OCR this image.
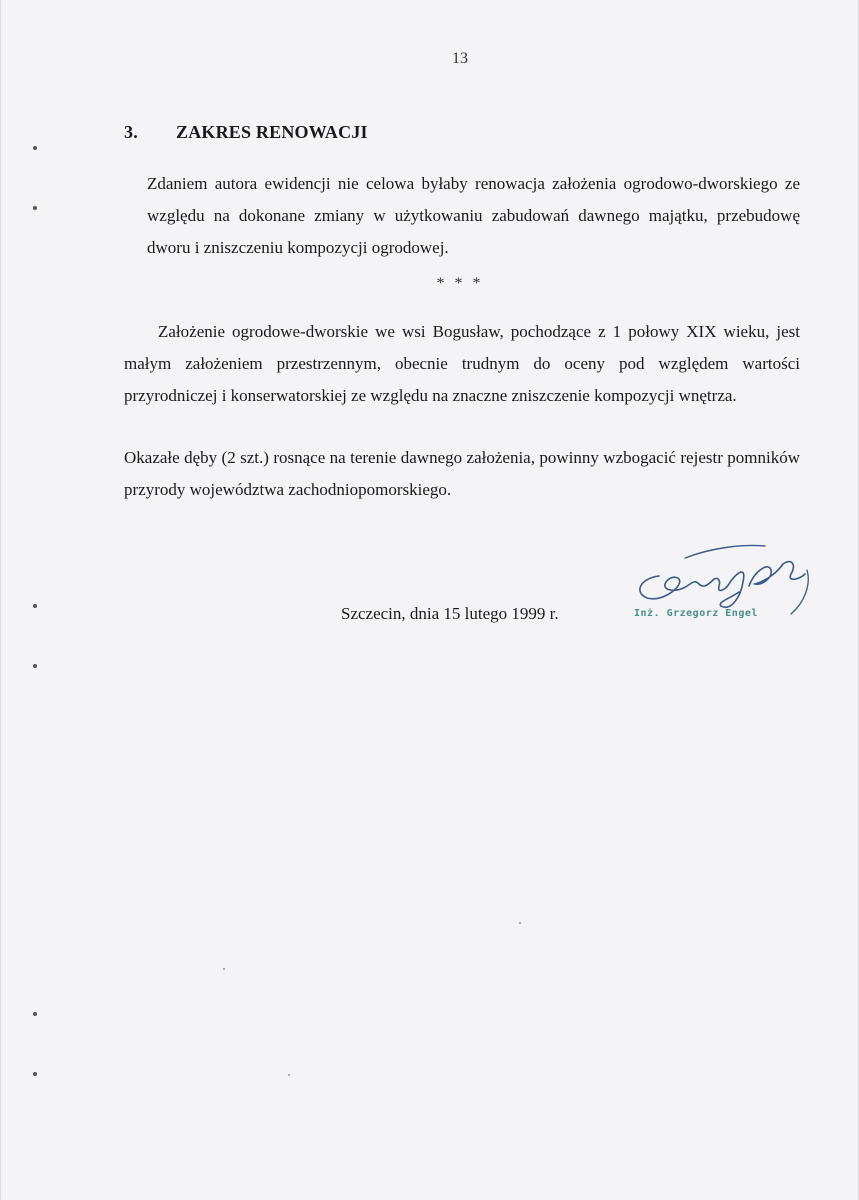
13
3. ZAKRES RENOWACJI
Zdaniem autora ewidencji nie celowa byłaby renowacja założenia ogrodowo-dworskiego ze względu na dokonane zmiany w użytkowaniu zabudowań dawnego majątku, przebudowę dworu i zniszczeniu kompozycji ogrodowej.
* * *
Założenie ogrodowe-dworskie we wsi Bogusław, pochodzące z 1 połowy XIX wieku, jest małym założeniem przestrzennym, obecnie trudnym do oceny pod względem wartości przyrodniczej i konserwatorskiej ze względu na znaczne zniszczenie kompozycji wnętrza.
Okazałe dęby (2 szt.) rosnące na terenie dawnego założenia, powinny wzbogacić rejestr pomników przyrody województwa zachodniopomorskiego.
Szczecin, dnia 15 lutego 1999 r.	Inż. Grzegorz Engel
